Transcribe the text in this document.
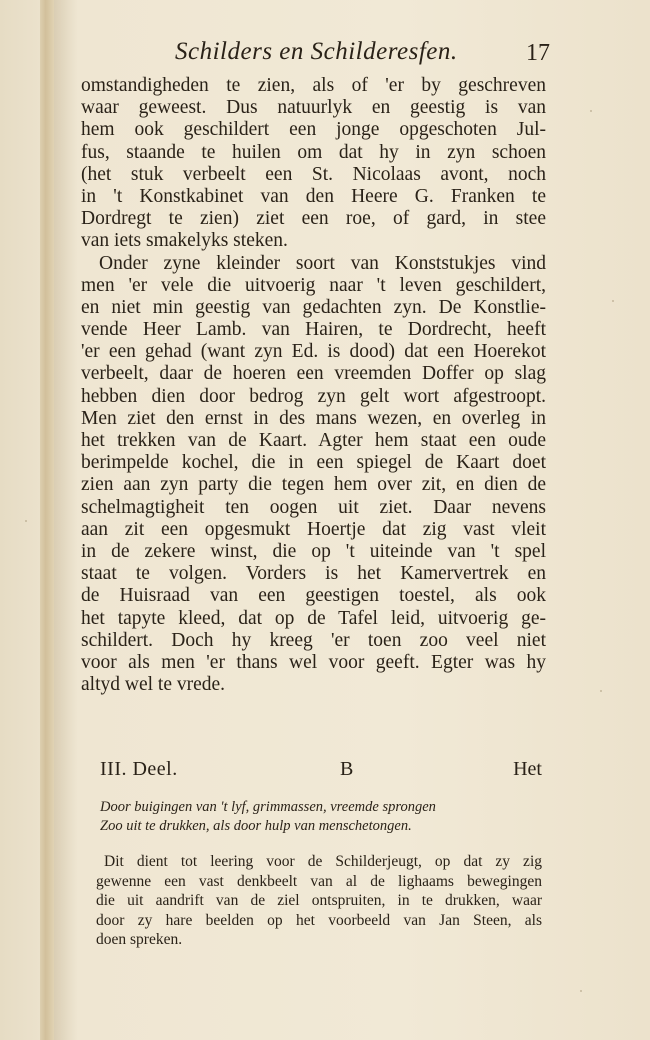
Schilders en Schilderesfen.	17
omstandigheden te zien, als of 'er by geschreven
waar geweest. Dus natuurlyk en geestig is van
hem ook geschildert een jonge opgeschoten Jul-
fus, staande te huilen om dat hy in zyn schoen
(het stuk verbeelt een St. Nicolaas avont, noch
in 't Konstkabinet van den Heere G. Franken te
Dordregt te zien) ziet een roe, of gard, in stee
van iets smakelyks steken.
Onder zyne kleinder soort van Konststukjes vind
men 'er vele die uitvoerig naar 't leven geschildert,
en niet min geestig van gedachten zyn. De Konstlie-
vende Heer Lamb. van Hairen, te Dordrecht, heeft
'er een gehad (want zyn Ed. is dood) dat een Hoerekot
verbeelt, daar de hoeren een vreemden Doffer op slag
hebben dien door bedrog zyn gelt wort afgestroopt.
Men ziet den ernst in des mans wezen, en overleg in
het trekken van de Kaart. Agter hem staat een oude
berimpelde kochel, die in een spiegel de Kaart doet
zien aan zyn party die tegen hem over zit, en dien de
schelmagtigheit ten oogen uit ziet. Daar nevens
aan zit een opgesmukt Hoertje dat zig vast vleit
in de zekere winst, die op 't uiteinde van 't spel
staat te volgen. Vorders is het Kamervertrek en
de Huisraad van een geestigen toestel, als ook
het tapyte kleed, dat op de Tafel leid, uitvoerig ge-
schildert. Doch hy kreeg 'er toen zoo veel niet
voor als men 'er thans wel voor geeft. Egter was hy
altyd wel te vrede.
III. Deel.	B	Het
Door buigingen van 't lyf, grimmassen, vreemde sprongen
Zoo uit te drukken, als door hulp van menschetongen.
Dit dient tot leering voor de Schilderjeugt, op dat zy zig
gewenne een vast denkbeelt van al de lighaams bewegingen
die uit aandrift van de ziel ontspruiten, in te drukken, waar
door zy hare beelden op het voorbeeld van Jan Steen, als
doen spreken.
